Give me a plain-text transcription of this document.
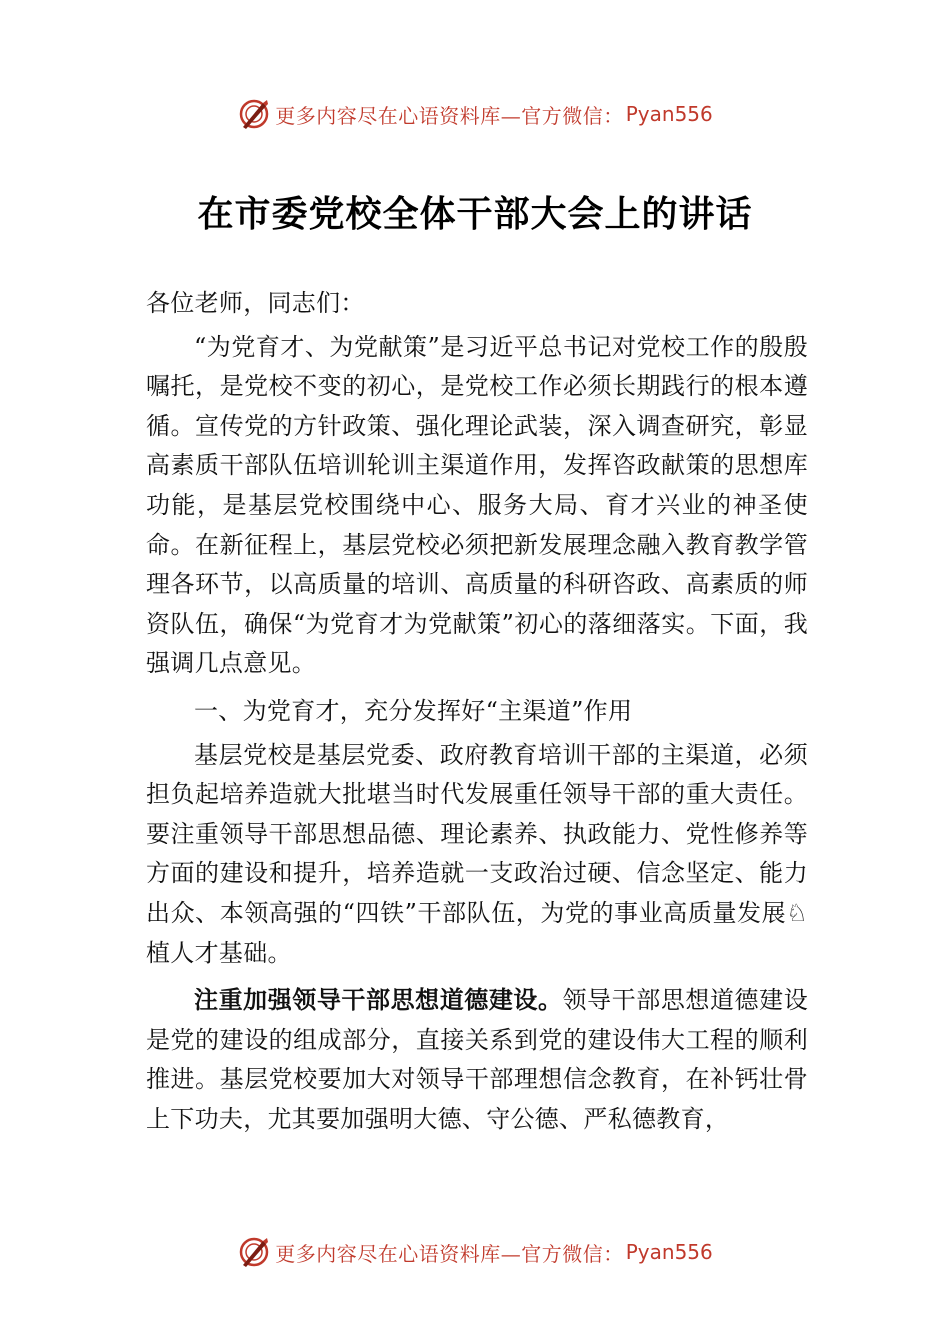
更多内容尽在心语资料库—官方微信： Pyan556
在市委党校全体干部大会上的讲话

各位老师，同志们：

“为党育才、为党献策”是习近平总书记对党校工作的殷殷嘱托，是党校不变的初心，是党校工作必须长期践行的根本遵循。宣传党的方针政策、强化理论武装，深入调查研究，彰显高素质干部队伍培训轮训主渠道作用，发挥咨政献策的思想库功能，是基层党校围绕中心、服务大局、育才兴业的神圣使命。在新征程上，基层党校必须把新发展理念融入教育教学管理各环节，以高质量的培训、高质量的科研咨政、高素质的师资队伍，确保“为党育才为党献策”初心的落细落实。下面，我强调几点意见。

一、为党育才，充分发挥好“主渠道”作用

基层党校是基层党委、政府教育培训干部的主渠道，必须担负起培养造就大批堪当时代发展重任领导干部的重大责任。要注重领导干部思想品德、理论素养、执政能力、党性修养等方面的建设和提升，培养造就一支政治过硬、信念坚定、能力出众、本领高强的“四铁”干部队伍，为党的事业高质量发展♘植人才基础。

注重加强领导干部思想道德建设。领导干部思想道德建设是党的建设的组成部分，直接关系到党的建设伟大工程的顺利推进。基层党校要加大对领导干部理想信念教育，在补钙壮骨上下功夫，尤其要加强明大德、守公德、严私德教育，

更多内容尽在心语资料库—官方微信： Pyan556
